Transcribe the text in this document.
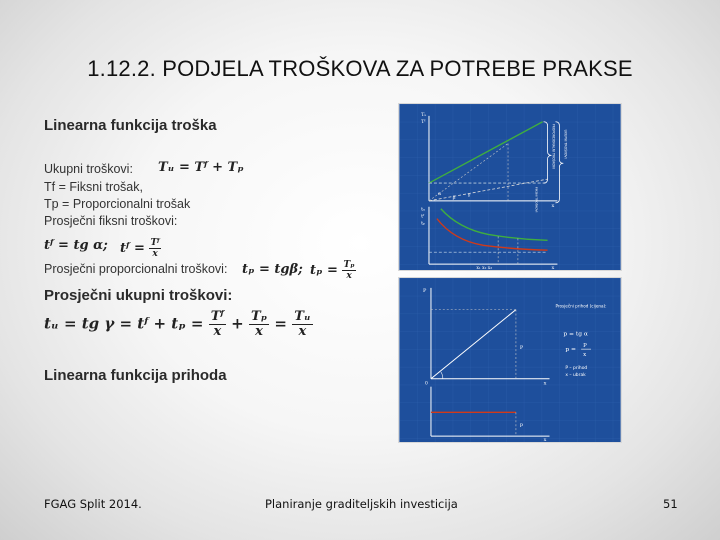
1.12.2. PODJELA TROŠKOVA ZA POTREBE PRAKSE
Linearna funkcija troška
Ukupni troškovi: Tᵤ = Tᶠ + Tₚ
Tf = Fiksni trošak,
Tp = Proporcionalni trošak
Prosječni fiksni troškovi:
tᶠ = tg α ; tᶠ = $\frac{\text{Tᶠ}}{x}$
Prosječni proporcionalni troškovi: tₚ = tgβ ; $t_p = \frac{\text{Tₚ}}{x}$
Prosječni ukupni troškovi:
tᵤ = tg γ = tᶠ + $t_p = \frac{\text{Tᶠ}}{x} + \frac{\text{Tₚ}}{x} = \frac{\text{Tᵤ}}{x}$
Linearna funkcija prihoda
PROPORCIONALNI TROŠKOVI	UKUPNI TROŠKOVI
FIKSNI TROŠKOVI
α
β γ
Tᵤ
Tᶠ
x
tᵤ
tᶠ
tₚ
x₁ x₂ x₃	x
P
0
P
x
Prosječni prihod (cijena):
p = tg α
p =
P
x
P – prihod
x – ubrak
p
x
FGAG Split 2014.	Planiranje graditeljskih investicija	51
